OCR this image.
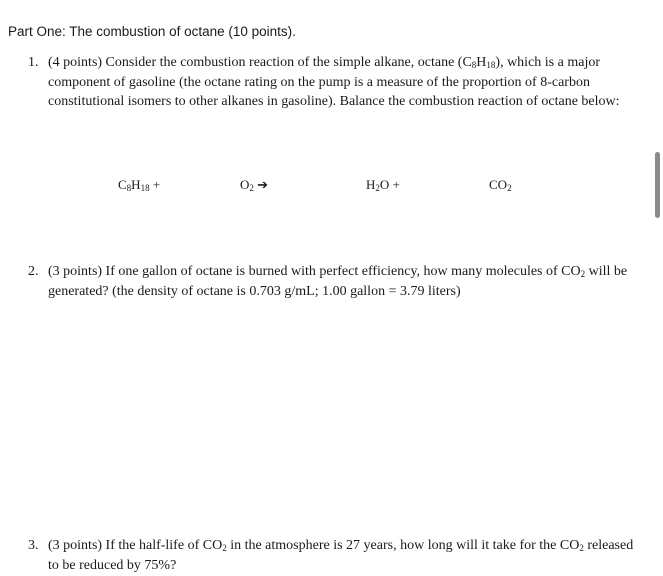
Part One: The combustion of octane (10 points).
1. (4 points) Consider the combustion reaction of the simple alkane, octane $(C_8H_{18})$, which is a major
component of gasoline (the octane rating on the pump is a measure of the proportion of 8-carbon
constitutional isomers to other alkanes in gasoline). Balance the combustion reaction of octane below:
$C_8H_{18}$ +	$O_2$ ➔	$H_2O$ +	$CO_2$
2. (3 points) If one gallon of octane is burned with perfect efficiency, how many molecules of $CO_2$ will be
generated? (the density of octane is 0.703 g/mL; 1.00 gallon = 3.79 liters)
3. (3 points) If the half-life of $CO_2$ in the atmosphere is 27 years, how long will it take for the $CO_2$ released
to be reduced by 75%?
